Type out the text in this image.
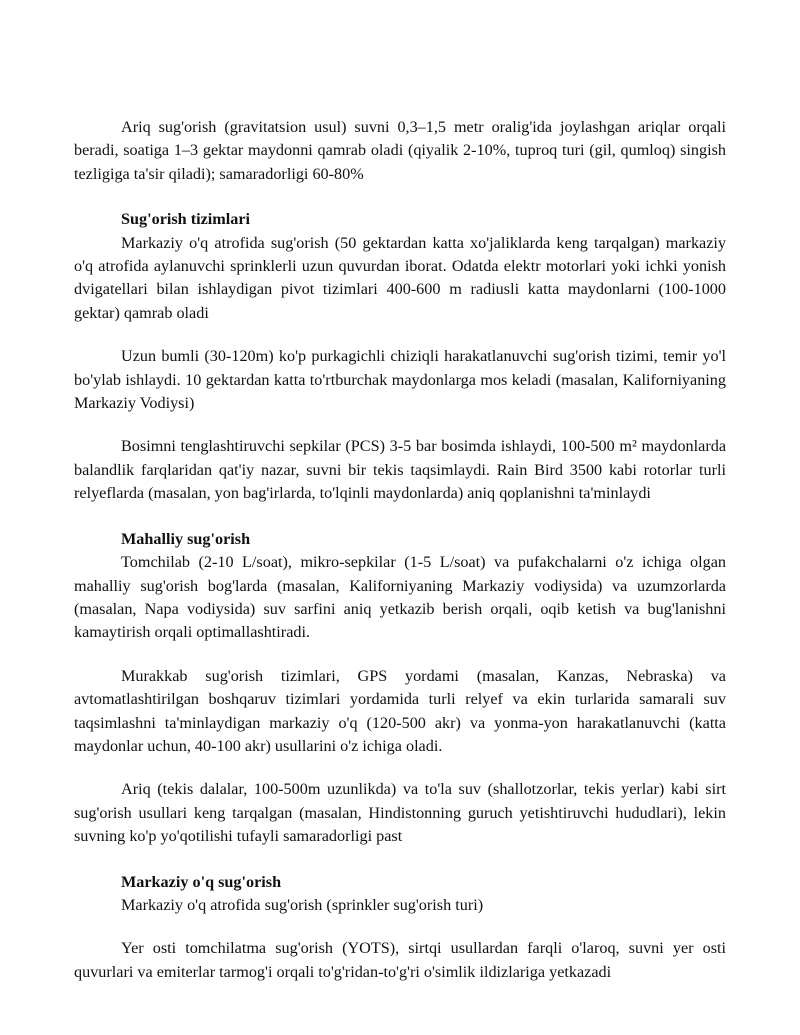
Ariq sug'orish (gravitatsion usul) suvni 0,3–1,5 metr oralig'ida joylashgan ariqlar orqali beradi, soatiga 1–3 gektar maydonni qamrab oladi (qiyalik 2-10%, tuproq turi (gil, qumloq) singish tezligiga ta'sir qiladi); samaradorligi 60-80%

Sug'orish tizimlari

Markaziy o'q atrofida sug'orish (50 gektardan katta xo'jaliklarda keng tarqalgan) markaziy o'q atrofida aylanuvchi sprinklerli uzun quvurdan iborat. Odatda elektr motorlari yoki ichki yonish dvigatellari bilan ishlaydigan pivot tizimlari 400-600 m radiusli katta maydonlarni (100-1000 gektar) qamrab oladi

Uzun bumli (30-120m) ko'p purkagichli chiziqli harakatlanuvchi sug'orish tizimi, temir yo'l bo'ylab ishlaydi. 10 gektardan katta to'rtburchak maydonlarga mos keladi (masalan, Kaliforniyaning Markaziy Vodiysi)

Bosimni tenglashtiruvchi sepkilar (PCS) 3-5 bar bosimda ishlaydi, 100-500 m² maydonlarda balandlik farqlaridan qat'iy nazar, suvni bir tekis taqsimlaydi. Rain Bird 3500 kabi rotorlar turli relyeflarda (masalan, yon bag'irlarda, to'lqinli maydonlarda) aniq qoplanishni ta'minlaydi

Mahalliy sug'orish

Tomchilab (2-10 L/soat), mikro-sepkilar (1-5 L/soat) va pufakchalarni o'z ichiga olgan mahalliy sug'orish bog'larda (masalan, Kaliforniyaning Markaziy vodiysida) va uzumzorlarda (masalan, Napa vodiysida) suv sarfini aniq yetkazib berish orqali, oqib ketish va bug'lanishni kamaytirish orqali optimallashtiradi.

Murakkab sug'orish tizimlari, GPS yordami (masalan, Kanzas, Nebraska) va avtomatlashtirilgan boshqaruv tizimlari yordamida turli relyef va ekin turlarida samarali suv taqsimlashni ta'minlaydigan markaziy o'q (120-500 akr) va yonma-yon harakatlanuvchi (katta maydonlar uchun, 40-100 akr) usullarini o'z ichiga oladi.

Ariq (tekis dalalar, 100-500m uzunlikda) va to'la suv (shallotzorlar, tekis yerlar) kabi sirt sug'orish usullari keng tarqalgan (masalan, Hindistonning guruch yetishtiruvchi hududlari), lekin suvning ko'p yo'qotilishi tufayli samaradorligi past

Markaziy o'q sug'orish

Markaziy o'q atrofida sug'orish (sprinkler sug'orish turi)

Yer osti tomchilatma sug'orish (YOTS), sirtqi usullardan farqli o'laroq, suvni yer osti quvurlari va emiterlar tarmog'i orqali to'g'ridan-to'g'ri o'simlik ildizlariga yetkazadi
